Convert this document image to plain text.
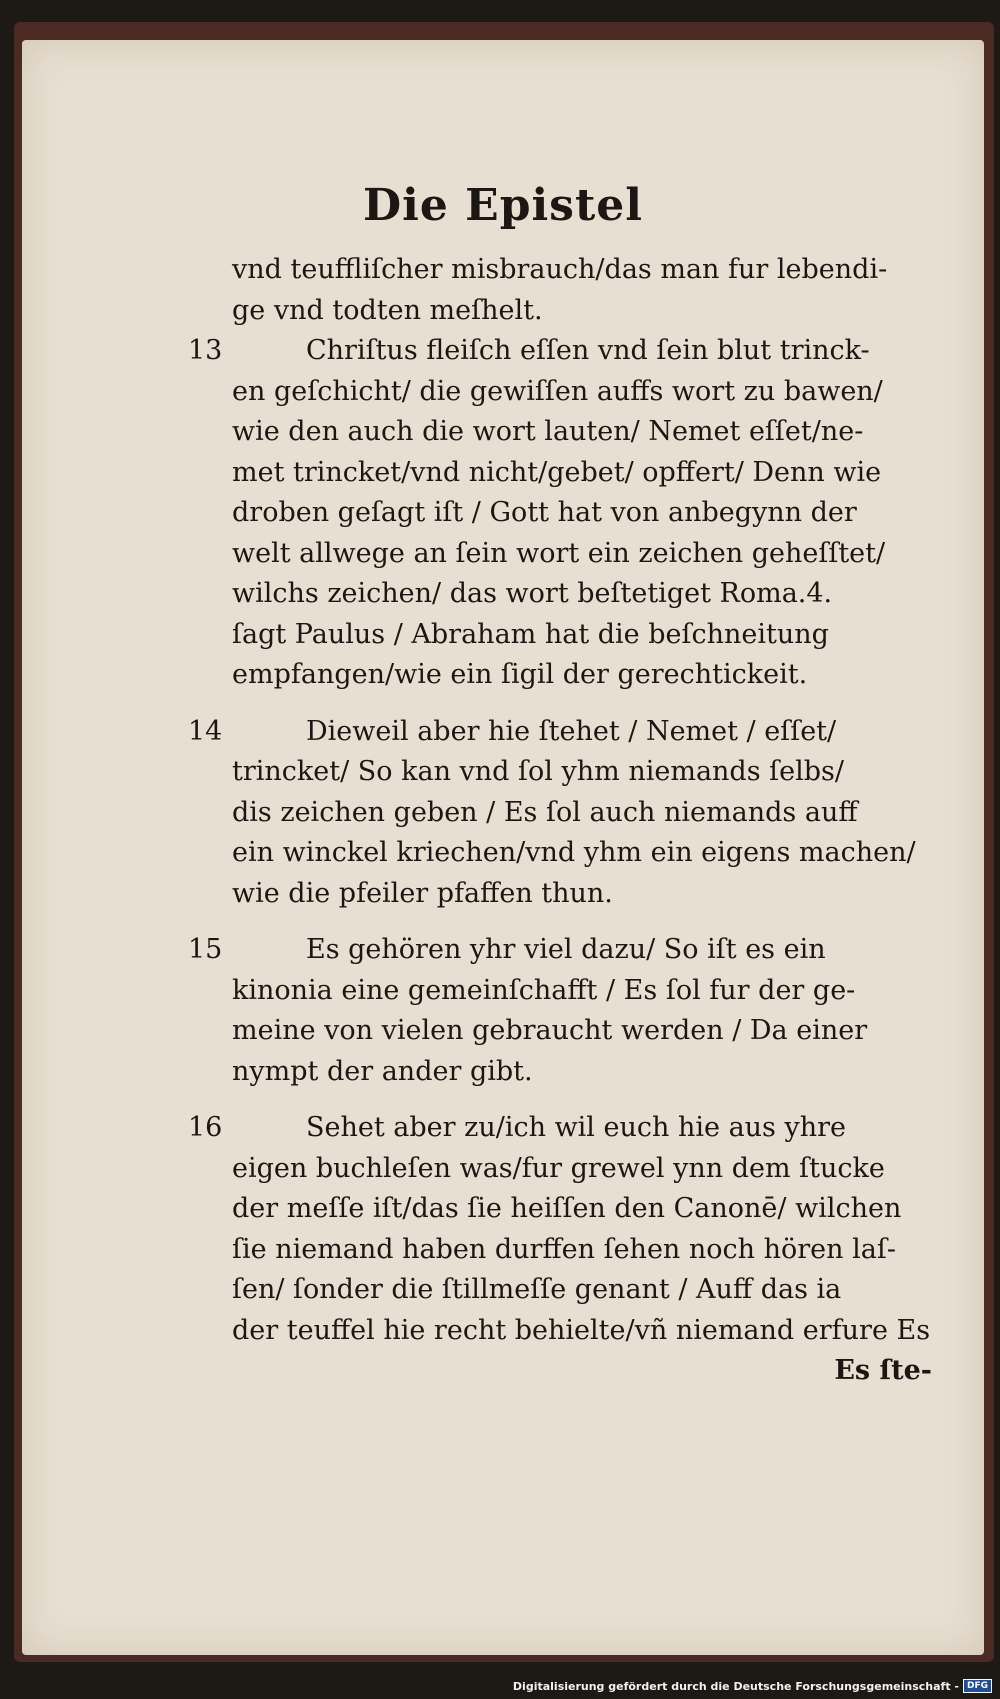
Die Epistel
vnd teuffliſcher misbrauch/das man fur lebendi-
ge vnd todten meſhelt.
13	Chriſtus fleiſch eſſen vnd ſein blut trinck-
en geſchicht/ die gewiſſen auffs wort zu bawen/
wie den auch die wort lauten/ Nemet eſſet/ne-
met trincket/vnd nicht/gebet/ opffert/ Denn wie
droben geſagt iſt / Gott hat von anbegynn der
welt allwege an ſein wort ein zeichen geheſſtet/
wilchs zeichen/ das wort beſtetiget Roma.4.
ſagt Paulus / Abraham hat die beſchneitung
empfangen/wie ein ſigil der gerechtickeit.
14	Dieweil aber hie ſtehet / Nemet / eſſet/
trincket/ So kan vnd ſol yhm niemands ſelbs/
dis zeichen geben / Es ſol auch niemands auff
ein winckel kriechen/vnd yhm ein eigens machen/
wie die pfeiler pfaffen thun.
15	Es gehören yhr viel dazu/ So iſt es ein
kinonia eine gemeinſchafft / Es ſol fur der ge-
meine von vielen gebraucht werden / Da einer
nympt der ander gibt.
16	Sehet aber zu/ich wil euch hie aus yhre
eigen buchleſen was/fur grewel ynn dem ſtucke
der meſſe iſt/das ſie heiſſen den Canonē/ wilchen
ſie niemand haben durffen ſehen noch hören laſ-
ſen/ ſonder die ſtillmeſſe genant / Auff das ia
der teuffel hie recht behielte/vñ niemand erfure Es
Es ſte-
Digitalisierung gefördert durch die Deutsche Forschungsgemeinschaft - DFG
